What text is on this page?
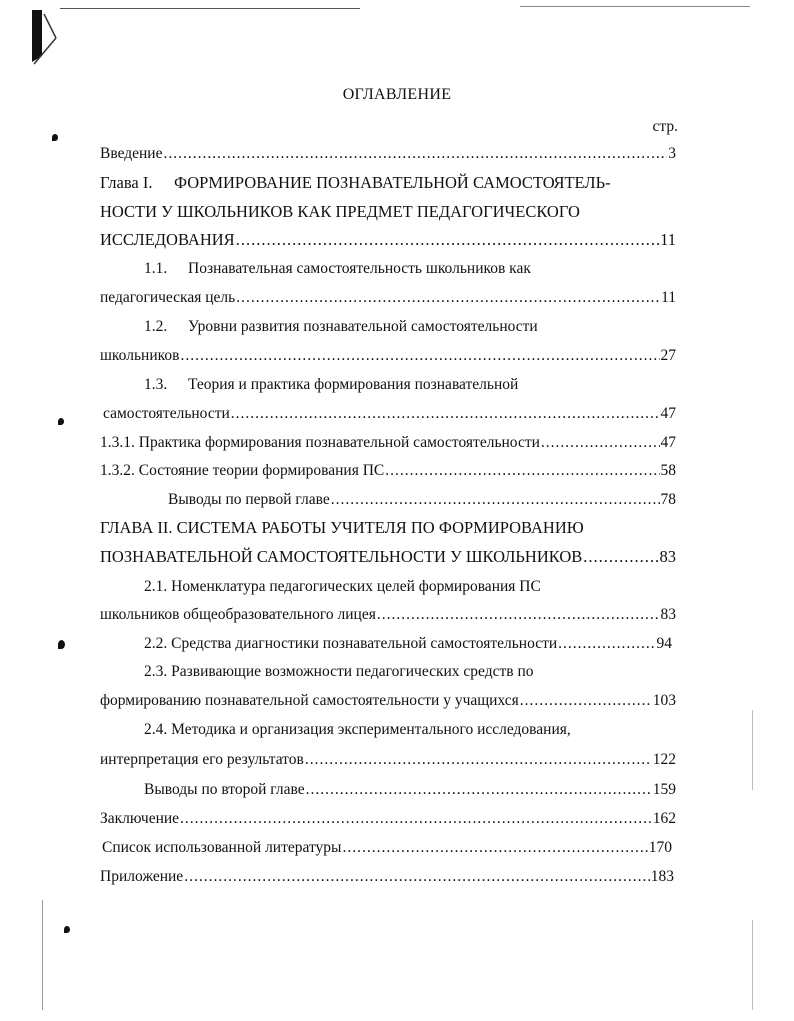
ОГЛАВЛЕНИЕ
стр.
Введение .....	3
Глава I. ФОРМИРОВАНИЕ ПОЗНАВАТЕЛЬНОЙ САМОСТОЯТЕЛЬ-
НОСТИ У ШКОЛЬНИКОВ КАК ПРЕДМЕТ ПЕДАГОГИЧЕСКОГО
ИССЛЕДОВАНИЯ .....	11
1.1. Познавательная самостоятельность школьников как
педагогическая цель .....	11
1.2. Уровни развития познавательной самостоятельности
школьников .....	27
1.3. Теория и практика формирования познавательной
самостоятельности .....	47
1.3.1. Практика формирования познавательной самостоятельности .....	47
1.3.2. Состояние теории формирования ПС .....	58
Выводы по первой главе .....	78
ГЛАВА II. СИСТЕМА РАБОТЫ УЧИТЕЛЯ ПО ФОРМИРОВАНИЮ
ПОЗНАВАТЕЛЬНОЙ САМОСТОЯТЕЛЬНОСТИ У ШКОЛЬНИКОВ .....	83
2.1. Номенклатура педагогических целей формирования ПС
школьников общеобразовательного лицея .....	83
2.2. Средства диагностики познавательной самостоятельности .....	94
2.3. Развивающие возможности педагогических средств по
формированию познавательной самостоятельности у учащихся .....	103
2.4. Методика и организация экспериментального исследования,
интерпретация его результатов .....	122
Выводы по второй главе .....	159
Заключение .....	162
Список использованной литературы .....	170
Приложение .....	183
